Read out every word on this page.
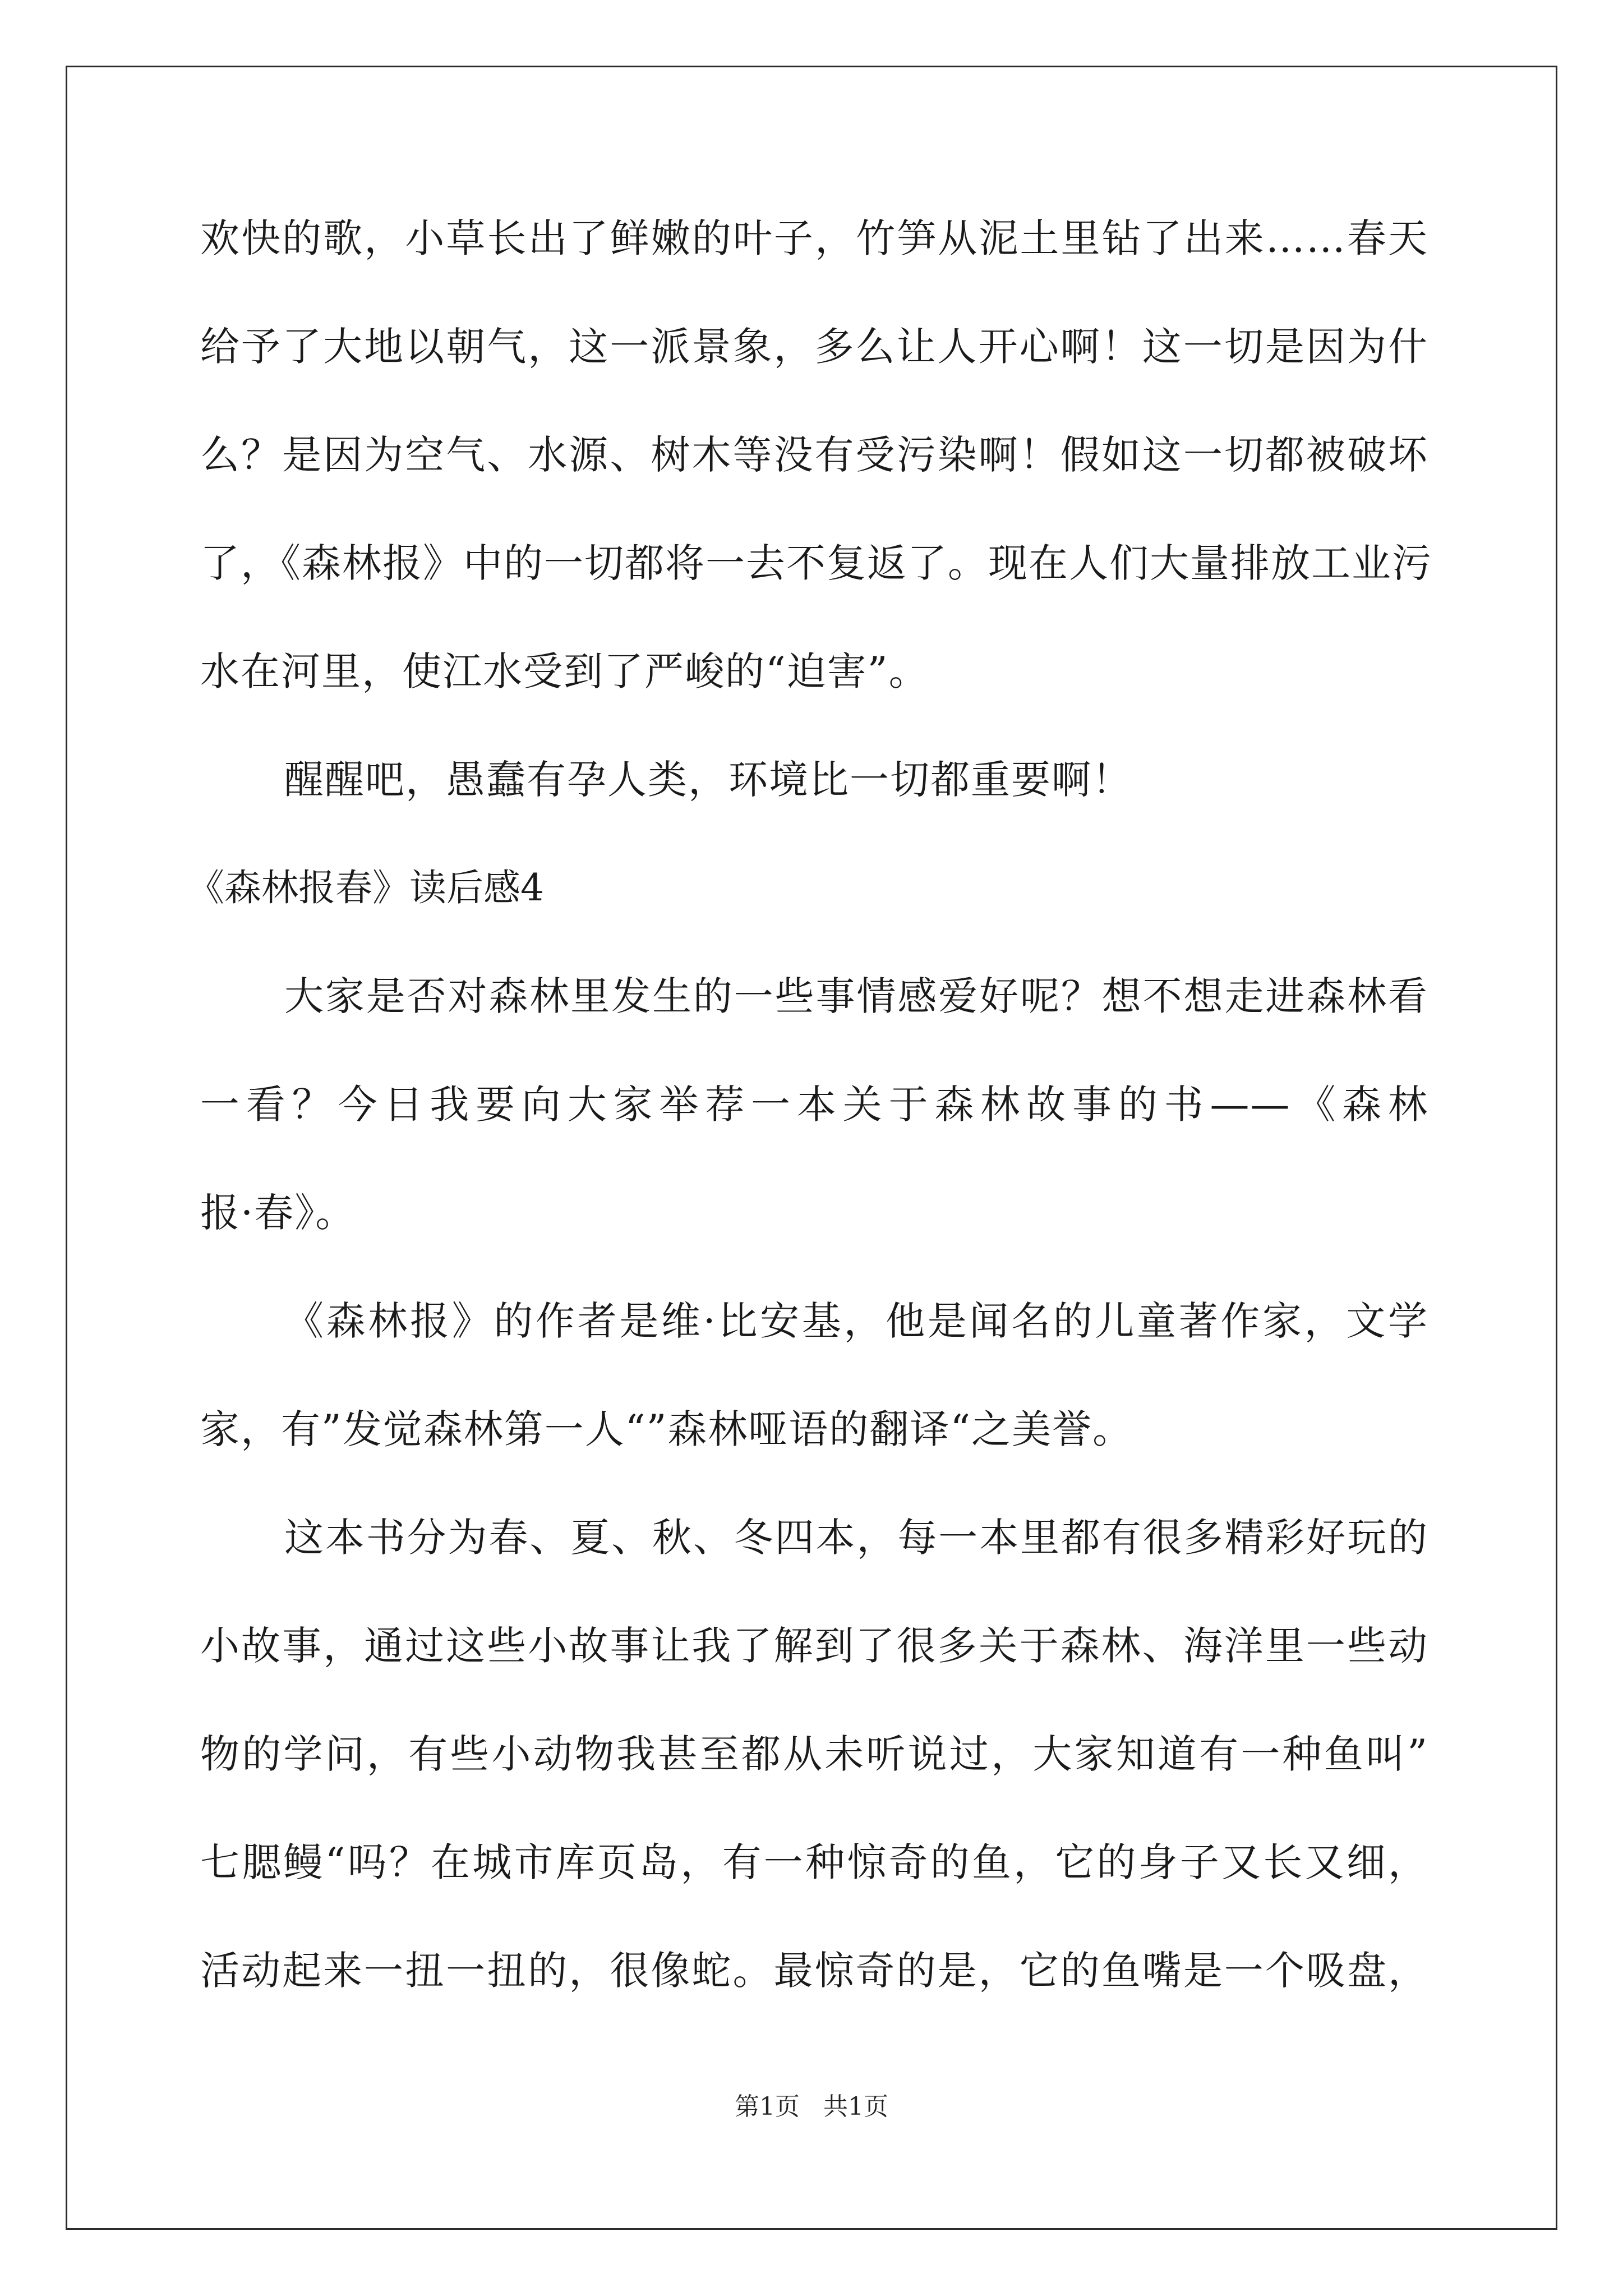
欢快的歌，小草长出了鲜嫩的叶子，竹笋从泥土里钻了出来……春天
给予了大地以朝气，这一派景象，多么让人开心啊！这一切是因为什
么？是因为空气、水源、树木等没有受污染啊！假如这一切都被破坏
了，《森林报》中的一切都将一去不复返了。现在人们大量排放工业污
水在河里，使江水受到了严峻的“迫害”。
醒醒吧，愚蠢有孕人类，环境比一切都重要啊！
《森林报春》读后感4
大家是否对森林里发生的一些事情感爱好呢？想不想走进森林看
一看？今日我要向大家举荐一本关于森林故事的书——《森林
报·春》。
《森林报》的作者是维·比安基，他是闻名的儿童著作家，文学
家，有”发觉森林第一人“”森林哑语的翻译“之美誉。
这本书分为春、夏、秋、冬四本，每一本里都有很多精彩好玩的
小故事，通过这些小故事让我了解到了很多关于森林、海洋里一些动
物的学问，有些小动物我甚至都从未听说过，大家知道有一种鱼叫”
七腮鳗“吗？在城市库页岛，有一种惊奇的鱼，它的身子又长又细，
活动起来一扭一扭的，很像蛇。最惊奇的是，它的鱼嘴是一个吸盘，
第1页 共1页
